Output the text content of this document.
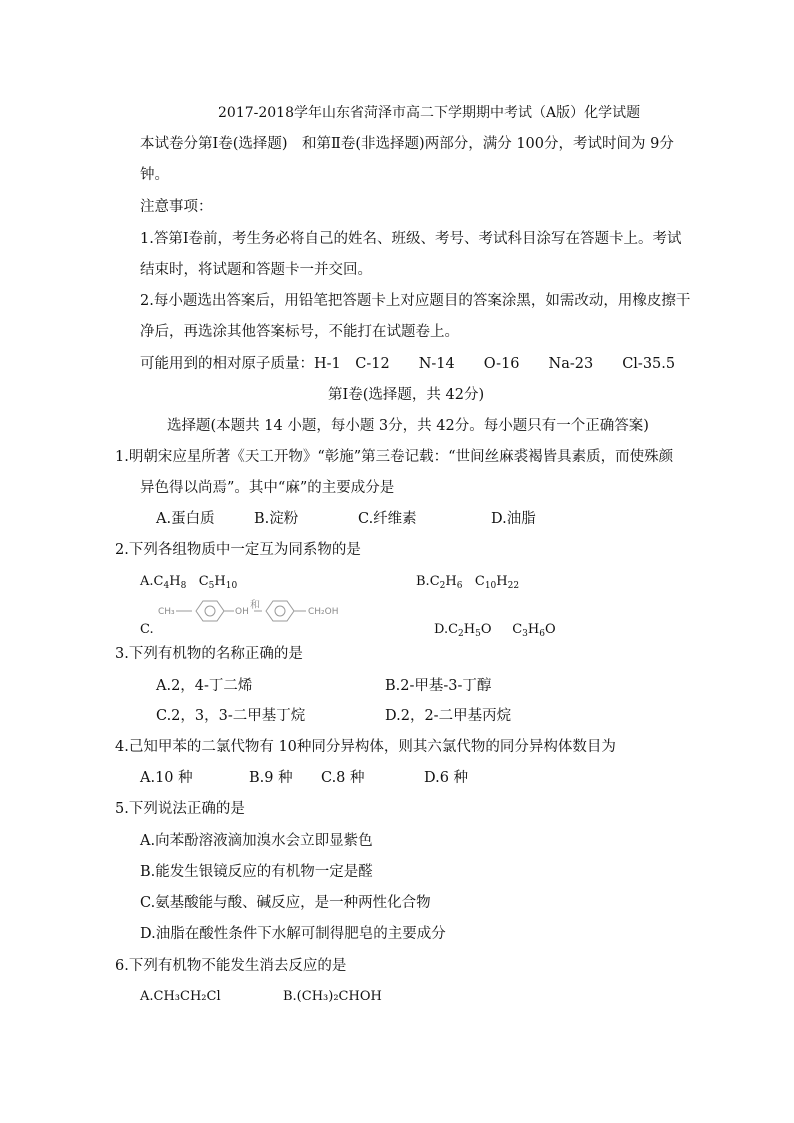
2017-2018学年山东省菏泽市高二下学期期中考试（A版）化学试题
本试卷分第Ⅰ卷(选择题)　和第Ⅱ卷(非选择题)两部分，满分 100分，考试时间为 9分
钟。
注意事项：
1.答第Ⅰ卷前，考生务必将自己的姓名、班级、考号、考试科目涂写在答题卡上。考试
结束时，将试题和答题卡一并交回。
2.每小题选出答案后，用铅笔把答题卡上对应题目的答案涂黑，如需改动，用橡皮擦干
净后，再选涂其他答案标号，不能打在试题卷上。
可能用到的相对原子质量：H-1　C-12　　N-14　　O-16　　Na-23　　Cl-35.5
第Ⅰ卷(选择题，共 42分)
选择题(本题共 14 小题，每小题 3分，共 42分。每小题只有一个正确答案)
1.明朝宋应星所著《天工开物》“彰施”第三卷记载：“世间丝麻裘褐皆具素质，而使殊颜
异色得以尚焉”。其中“麻”的主要成分是
A.蛋白质	B.淀粉	C.纤维素	D.油脂
2.下列各组物质中一定互为同系物的是
$A.C_4H_8$ $C_5H_{10}$	$B.C_2H_6$ $C_{10}H_{22}$
C.
CH₃	OH
和
CH₂OH
$D.C_2H_5O$ $C_3H_6O$
3.下列有机物的名称正确的是
A.2，4-丁二烯	B.2-甲基-3-丁醇
C.2，3，3-二甲基丁烷	D.2，2-二甲基丙烷
4.己知甲苯的二氯代物有 10种同分异构体，则其六氯代物的同分异构体数目为
A.10 种	B.9 种 C.8 种	D.6 种
5.下列说法正确的是
A.向苯酚溶液滴加溴水会立即显紫色
B.能发生银镜反应的有机物一定是醛
C.氨基酸能与酸、碱反应，是一种两性化合物
D.油脂在酸性条件下水解可制得肥皂的主要成分
6.下列有机物不能发生消去反应的是
A.CH₃CH₂Cl	B.(CH₃)₂CHOH
